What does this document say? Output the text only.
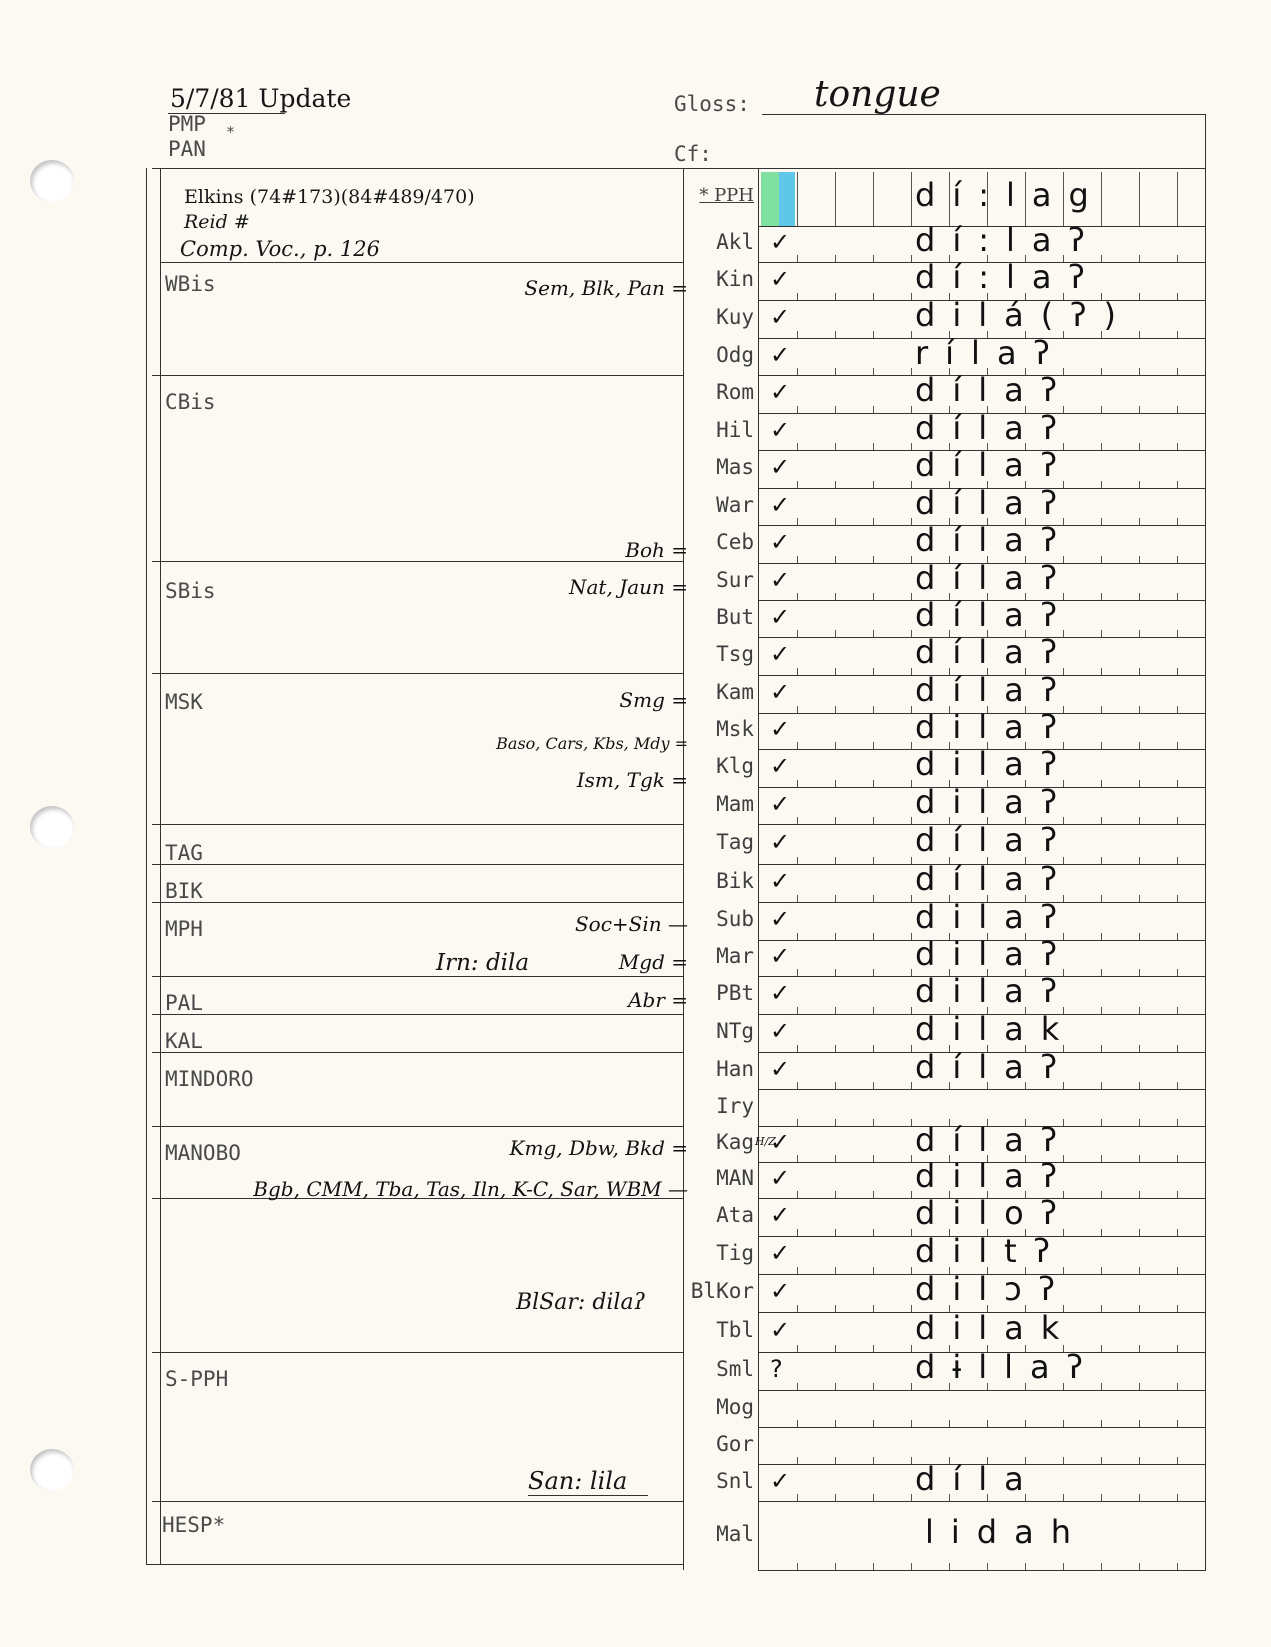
5/7/81 Update
PMP *
PAN
Gloss: tongue
Cf:
Elkins (74#173)(84#489/470)
Reid #
Comp. Voc., p. 126
WBis
CBis
SBis
MSK
TAG
BIK
MPH
PAL
KAL
MINDORO
MANOBO
S-PPH
HESP*
* PPH	dí:lag
Akl ✓	dí:laʔ
Kin ✓	dí:laʔ
Kuy ✓	dilá(ʔ)
Odg ✓	rílaʔ
Rom ✓	dílaʔ
Hil ✓	dílaʔ
Mas ✓	dílaʔ
War ✓	dílaʔ
Ceb ✓	dílaʔ
Sur ✓	dílaʔ
But ✓	dílaʔ
Tsg ✓	dílaʔ
Kam ✓	dílaʔ
Msk ✓	dilaʔ
Klg ✓	dilaʔ
Mam ✓	dilaʔ
Tag ✓	dílaʔ
Bik ✓	dílaʔ
Sub ✓	dilaʔ
Mar ✓	dilaʔ
PBt ✓	dilaʔ
NTg ✓	dilak
Han ✓	dílaʔ
Iry
Kag ✓	dílaʔ
MAN ✓	dilaʔ
Ata ✓	diloʔ
Tig ✓	diltʔ
BlKor ✓	dilɔʔ
Tbl ✓	dilak
Sml ?	dɨllaʔ
Mog
Gor
Snl ✓	díla
Mal	lidah
Sem, Blk, Pan =
Boh =
Nat, Jaun =
Smg =
Baso, Cars, Kbs, Mdy =
Ism, Tgk =
Soc+Sin —
Mgd =
Irn: dila
Abr =
Kmg, Dbw, Bkd =	H/Z
Bgb, CMM, Tba, Tas, Iln, K-C, Sar, WBM —
BlSar: dilaʔ
San: lila
